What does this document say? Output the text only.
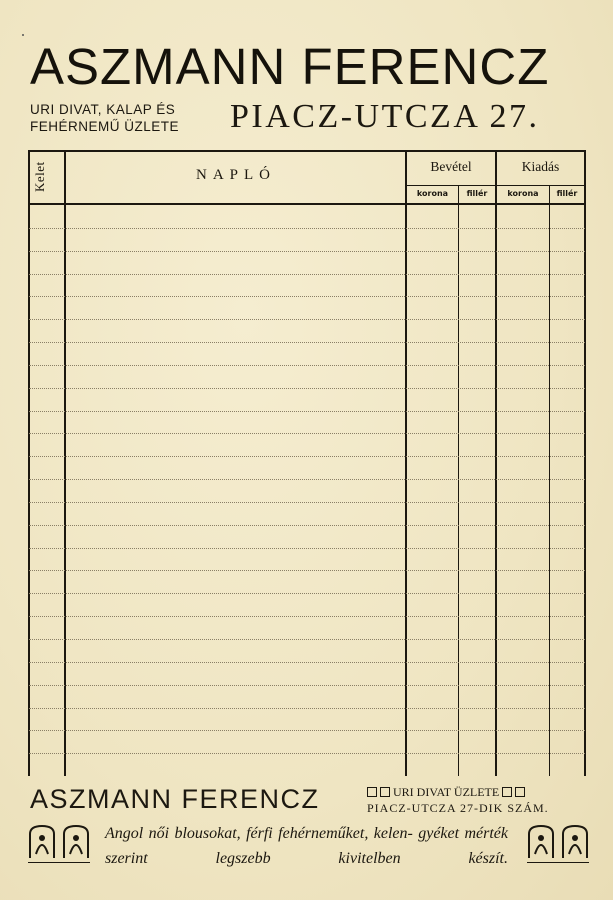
ASZMANN FERENCZ
URI DIVAT, KALAP ÉS
FEHÉRNEMŰ ÜZLETE PIACZ-UTCZA 27.
Kelet	NAPLÓ
Bevétel	Kiadás
korona	fillér	korona	fillér
ASZMANN FERENCZ	URI DIVAT ÜZLETE
PIACZ-UTCZA 27-DIK SZÁM.
Angol női blousokat, férfi fehérneműket, kelen- gyéket mérték szerint legszebb kivitelben készít.
